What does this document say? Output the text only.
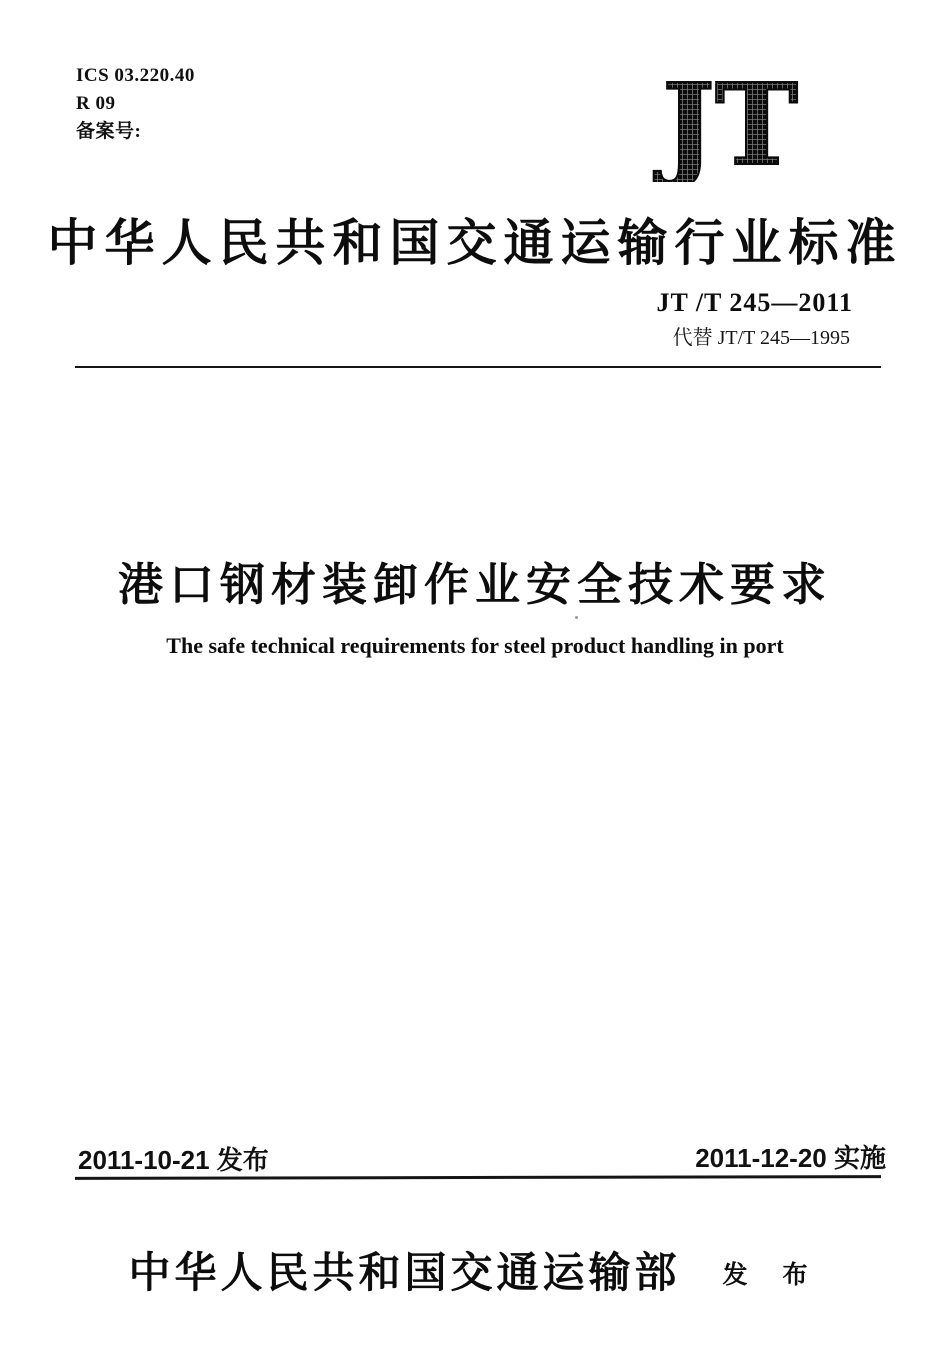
ICS 03.220.40
R 09
备案号:	JT
中华人民共和国交通运输行业标准
JT /T 245—2011
代替 JT/T 245—1995
港口钢材装卸作业安全技术要求
The safe technical requirements for steel product handling in port
2011-10-21 发布	2011-12-20 实施
中华人民共和国交通运输部 发 布
